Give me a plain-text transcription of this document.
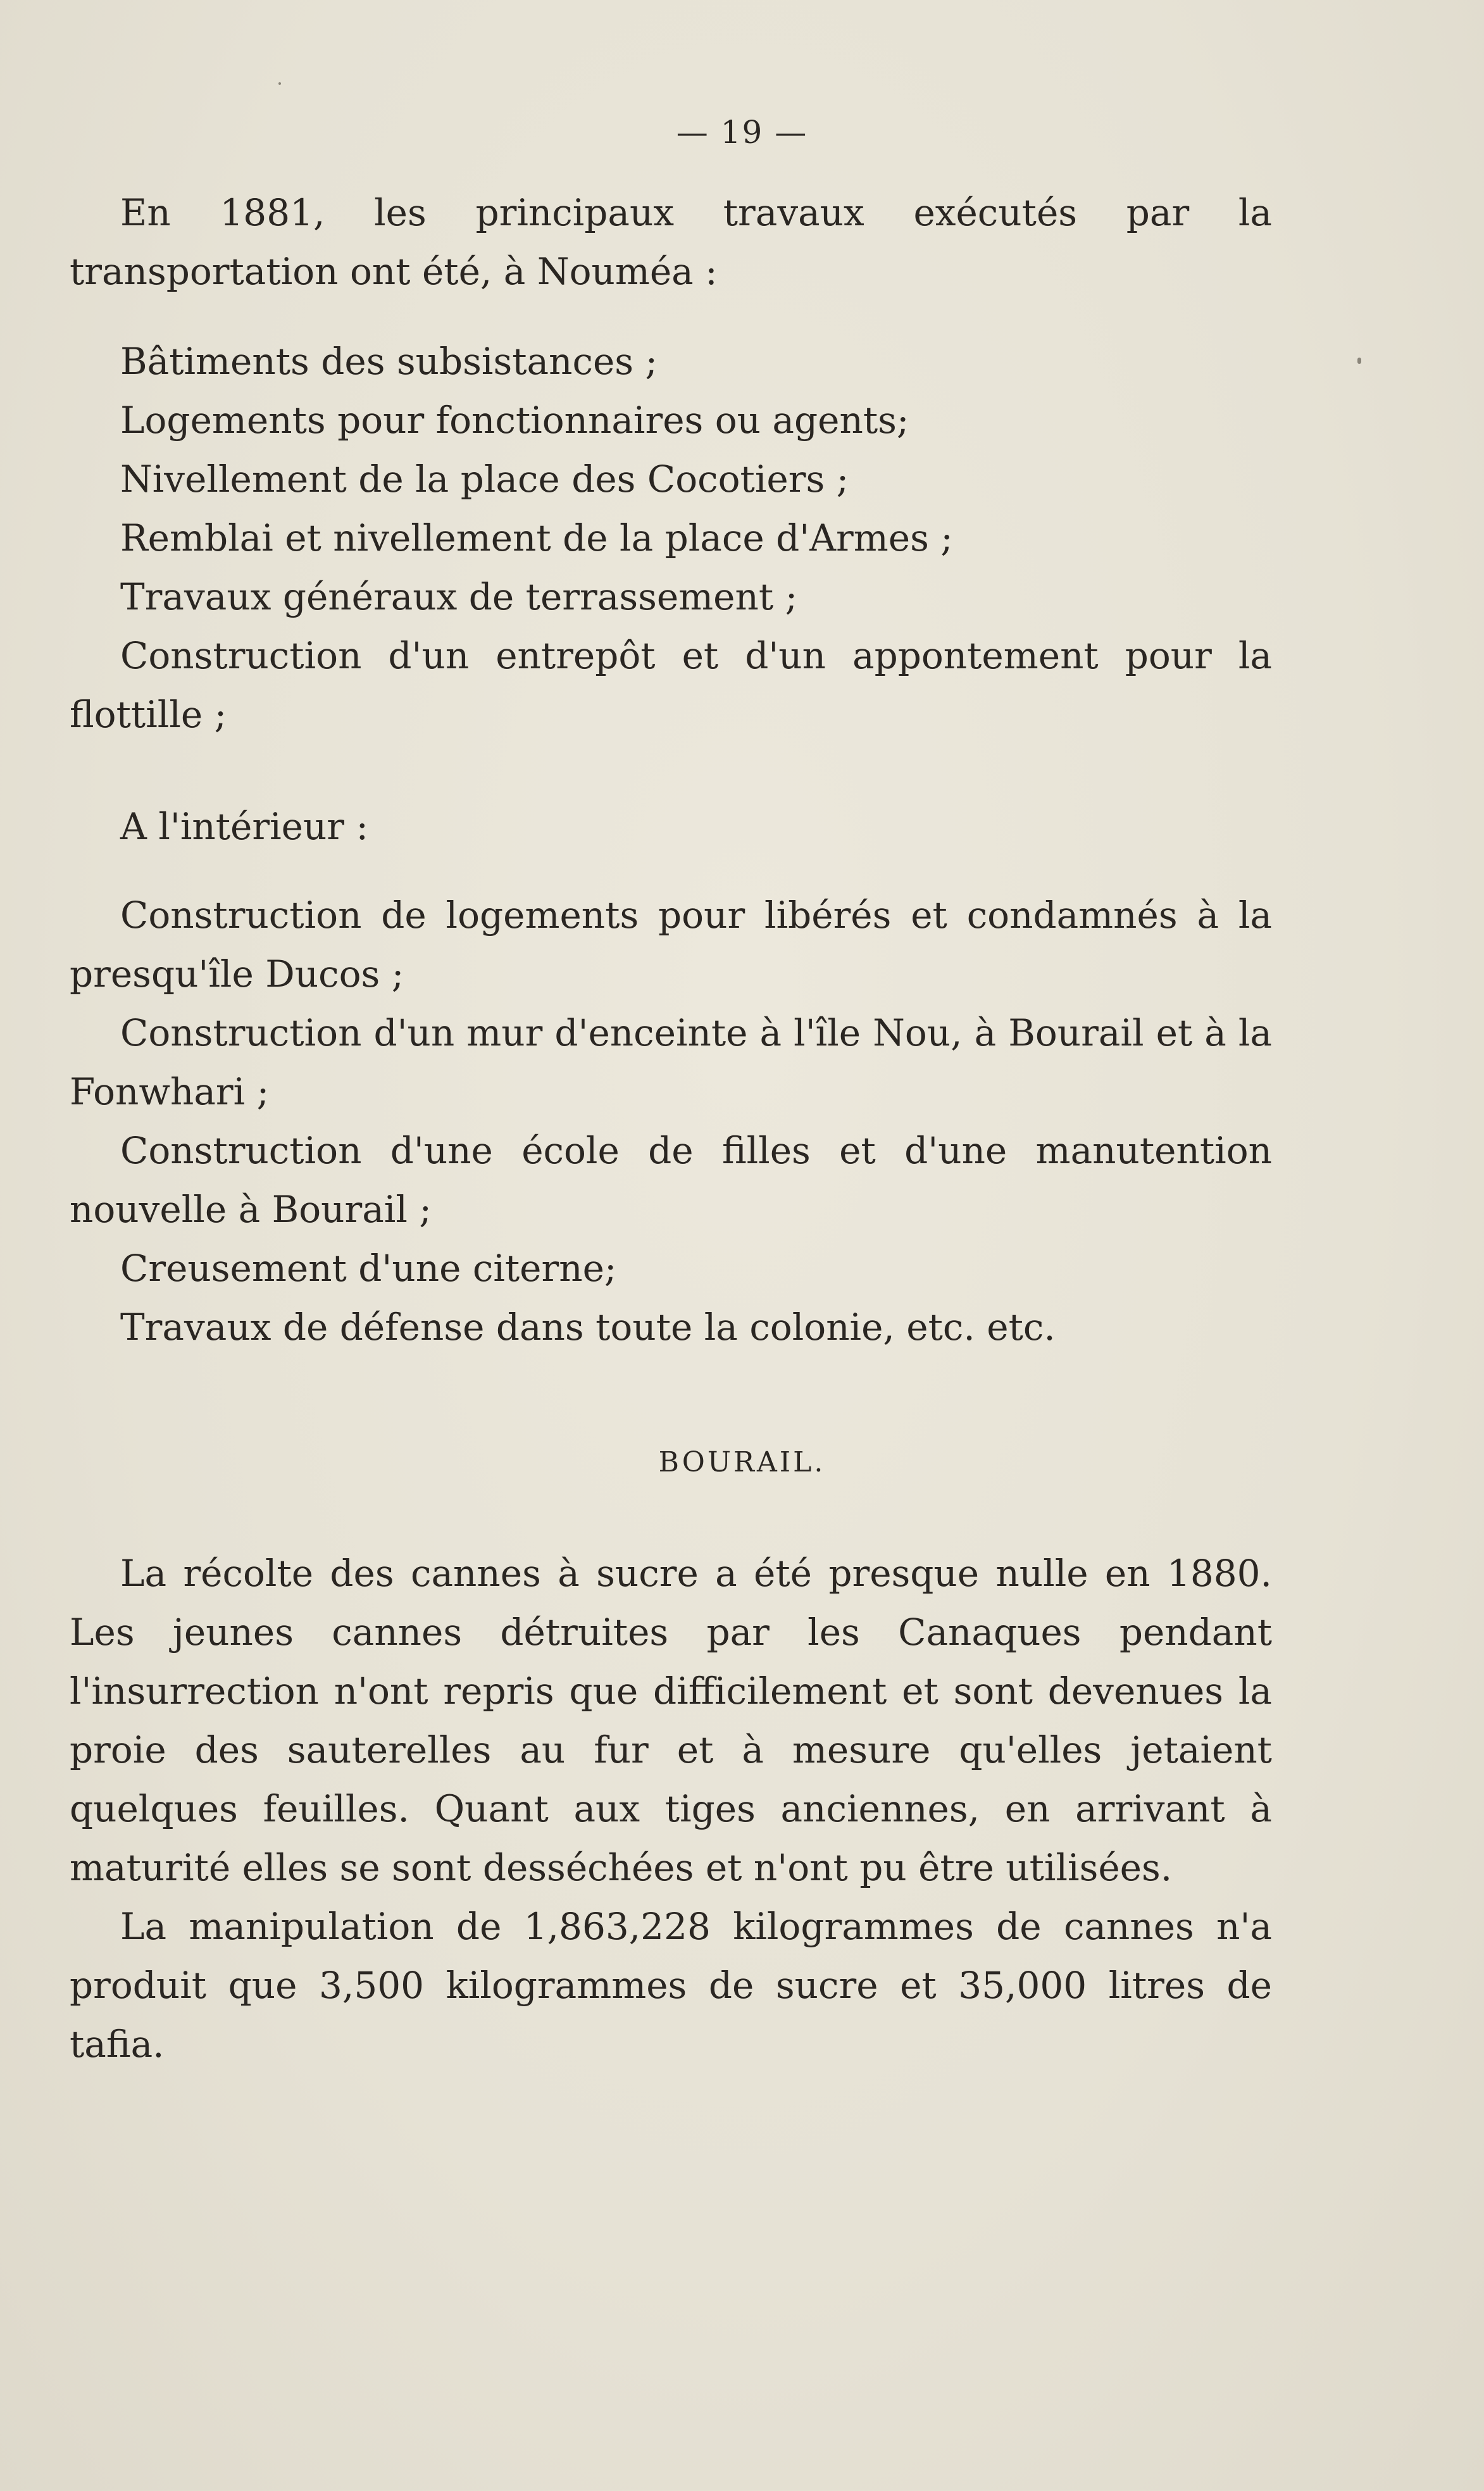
— 19 —

En 1881, les principaux travaux exécutés par la transportation ont été, à Nouméa :

Bâtiments des subsistances ;

Logements pour fonctionnaires ou agents;

Nivellement de la place des Cocotiers ;

Remblai et nivellement de la place d'Armes ;

Travaux généraux de terrassement ;

Construction d'un entrepôt et d'un appontement pour la flottille ;

A l'intérieur :

Construction de logements pour libérés et condamnés à la presqu'île Ducos ;

Construction d'un mur d'enceinte à l'île Nou, à Bourail et à la Fonwhari ;

Construction d'une école de filles et d'une manutention nouvelle à Bourail ;

Creusement d'une citerne;

Travaux de défense dans toute la colonie, etc. etc.

BOURAIL.

La récolte des cannes à sucre a été presque nulle en 1880. Les jeunes cannes détruites par les Canaques pendant l'insurrection n'ont repris que difficilement et sont devenues la proie des sauterelles au fur et à mesure qu'elles jetaient quelques feuilles. Quant aux tiges anciennes, en arrivant à maturité elles se sont desséchées et n'ont pu être utilisées.

La manipulation de 1,863,228 kilogrammes de cannes n'a produit que 3,500 kilogrammes de sucre et 35,000 litres de tafia.
